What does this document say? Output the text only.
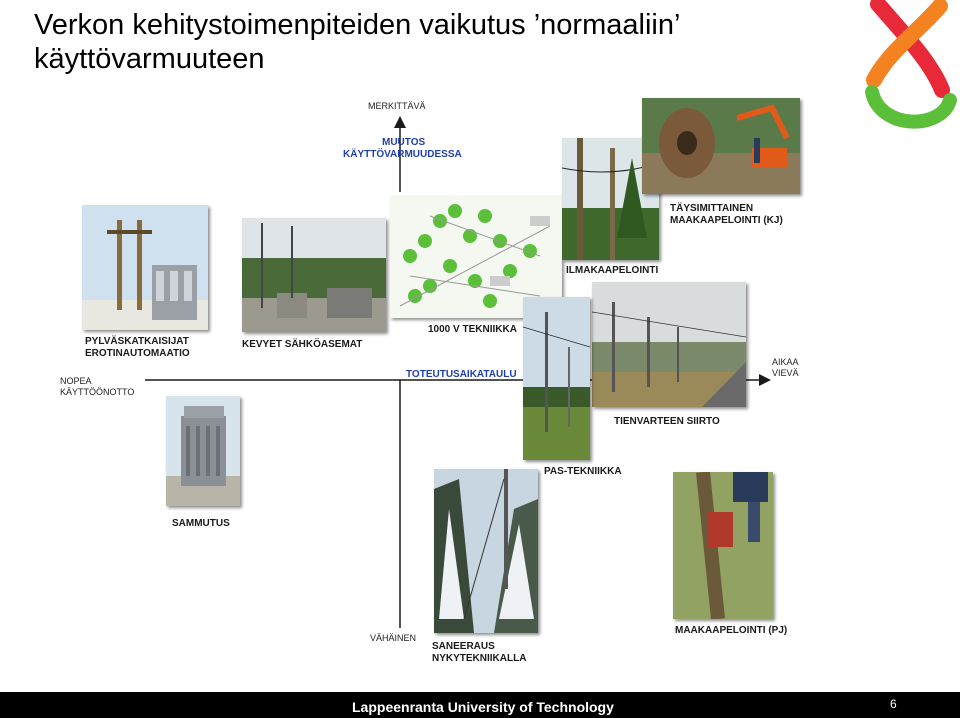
Verkon kehitystoimenpiteiden vaikutus ’normaaliin’
käyttövarmuuteen
MERKITTÄVÄ
MUUTOS
KÄYTTÖVARMUUDESSA
VÄHÄINEN
NOPEA
KÄYTTÖÖNOTTO
AIKAA
VIEVÄ
TOTEUTUSAIKATAULU
PYLVÄSKATKAISIJAT
EROTINAUTOMAATIO
KEVYET SÄHKÖASEMAT
1000 V TEKNIIKKA
ILMAKAAPELOINTI
TÄYSIMITTAINEN
MAAKAAPELOINTI (KJ)
TIENVARTEEN SIIRTO
PAS-TEKNIIKKA
SAMMUTUS
SANEERAUS
NYKYTEKNIIKALLA
MAAKAAPELOINTI (PJ)
Lappeenranta University of Technology	6
